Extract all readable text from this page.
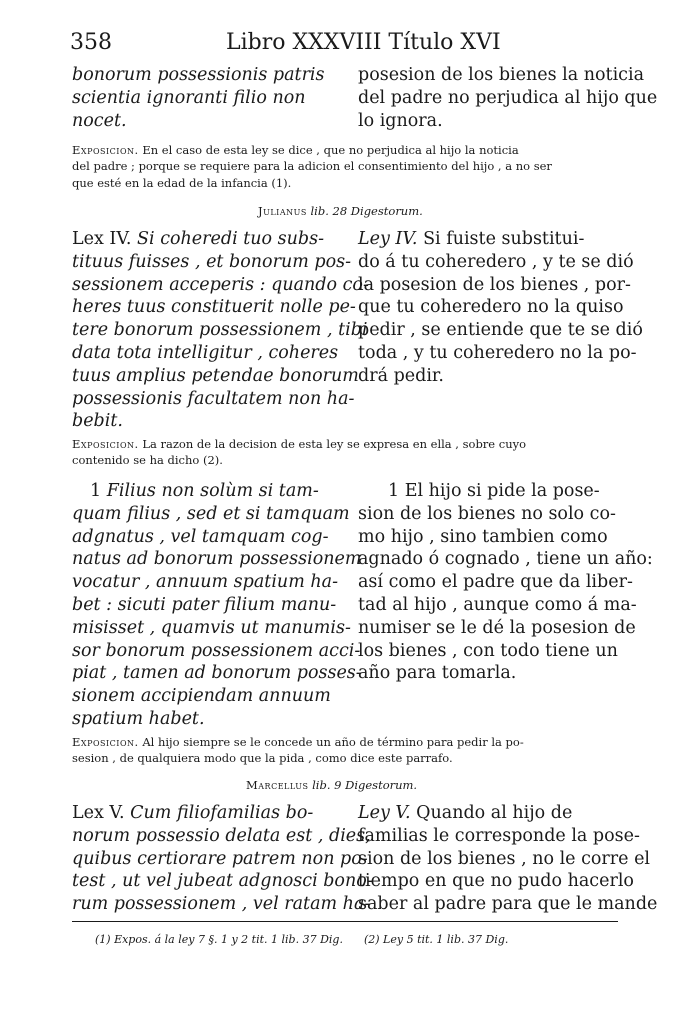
358	Libro XXXVIII Título XVI
bonorum possessionis patris
scientia ignoranti filio non
nocet.
posesion de los bienes la noticia
del padre no perjudica al hijo que
lo ignora.
Exposicion. En el caso de esta ley se dice , que no perjudica al hijo la noticia
del padre ; porque se requiere para la adicion el consentimiento del hijo , a no ser
que esté en la edad de la infancia (1).
Julianus lib. 28 Digestorum.
Lex IV. Si coheredi tuo subs-
tituus fuisses , et bonorum pos-
sessionem acceperis : quando co-
heres tuus constituerit nolle pe-
tere bonorum possessionem , tibi
data tota intelligitur , coheres
tuus amplius petendae bonorum
possessionis facultatem non ha-
bebit.
Ley IV. Si fuiste substitui-
do á tu coheredero , y te se dió
la posesion de los bienes , por-
que tu coheredero no la quiso
pedir , se entiende que te se dió
toda , y tu coheredero no la po-
drá pedir.
Exposicion. La razon de la decision de esta ley se expresa en ella , sobre cuyo
contenido se ha dicho (2).
1 Filius non solùm si tam-
quam filius , sed et si tamquam
adgnatus , vel tamquam cog-
natus ad bonorum possessionem
vocatur , annuum spatium ha-
bet : sicuti pater filium manu-
misisset , quamvis ut manumis-
sor bonorum possessionem acci-
piat , tamen ad bonorum posses-
sionem accipiendam annuum
spatium habet.
1 El hijo si pide la pose-
sion de los bienes no solo co-
mo hijo , sino tambien como
agnado ó cognado , tiene un año:
así como el padre que da liber-
tad al hijo , aunque como á ma-
numiser se le dé la posesion de
los bienes , con todo tiene un
año para tomarla.
Exposicion. Al hijo siempre se le concede un año de término para pedir la po-
sesion , de qualquiera modo que la pida , como dice este parrafo.
Marcellus lib. 9 Digestorum.
Lex V. Cum filiofamilias bo-
norum possessio delata est , dies,
quibus certiorare patrem non po-
test , ut vel jubeat adgnosci bono-
rum possessionem , vel ratam ha-
Ley V. Quando al hijo de
familias le corresponde la pose-
sion de los bienes , no le corre el
tiempo en que no pudo hacerlo
saber al padre para que le mande
(1) Expos. á la ley 7 §. 1 y 2 tit. 1 lib. 37 Dig. (2) Ley 5 tit. 1 lib. 37 Dig.
